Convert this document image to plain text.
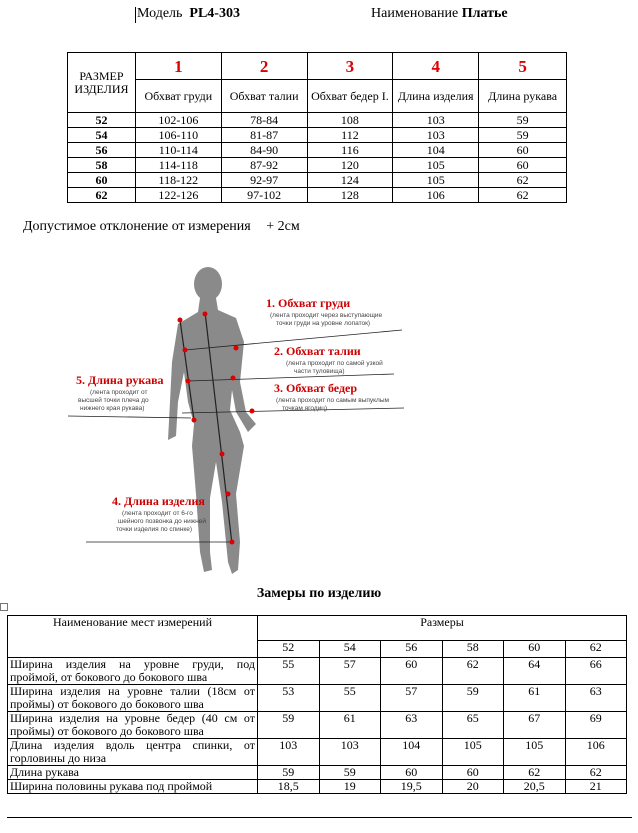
Модель PL4-303	Наименование Платье
РАЗМЕР ИЗДЕЛИЯ	1	2	3	4	5
	Обхват груди	Обхват талии	Обхват бедер I.	Длина изделия	Длина рукава
52	102-106	78-84	108	103	59
54	106-110	81-87	112	103	59
56	110-114	84-90	116	104	60
58	114-118	87-92	120	105	60
60	118-122	92-97	124	105	62
62	122-126	97-102	128	106	62
Допустимое отклонение от измерения + 2см
1. Обхват груди
(лента проходит через выступающие
точки груди на уровне лопаток)
2. Обхват талии
(лента проходит по самой узкой
части туловища)
3. Обхват бедер
(лента проходит по самым выпуклым
точкам ягодиц)
4. Длина изделия
(лента проходит от 6-го
шейного позвонка до нижней
точки изделия по спинке)
5. Длина рукава
(лента проходит от
высшей точки плеча до
нижнего края рукава)
Замеры по изделию
Наименование мест измерений	Размеры					
	52	54	56	58	60	62
Ширина изделия на уровне груди, под проймой, от бокового до бокового шва	55	57	60	62	64	66
Ширина изделия на уровне талии (18см от проймы) от бокового до бокового шва	53	55	57	59	61	63
Ширина изделия на уровне бедер (40 см от проймы) от бокового до бокового шва	59	61	63	65	67	69
Длина изделия вдоль центра спинки, от горловины до низа	103	103	104	105	105	106
Длина рукава	59	59	60	60	62	62
Ширина половины рукава под проймой	18,5	19	19,5	20	20,5	21
